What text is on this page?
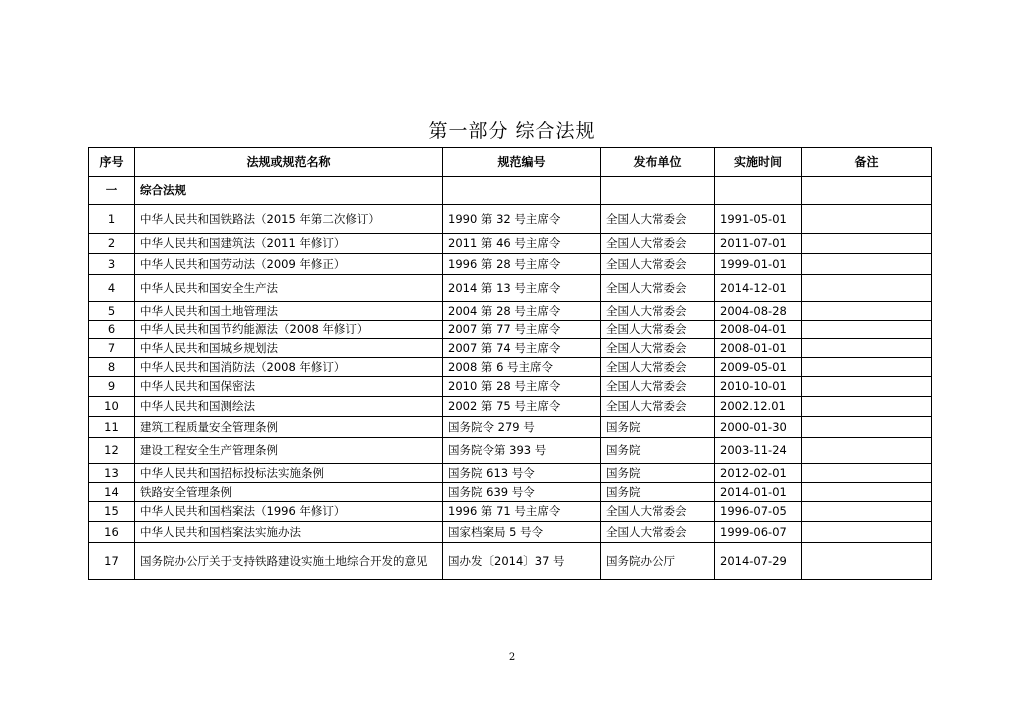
第一部分 综合法规
序号	法规或规范名称	规范编号	发布单位	实施时间	备注
一	综合法规				
1	中华人民共和国铁路法（2015 年第二次修订）	1990 第 32 号主席令	全国人大常委会	1991-05-01	
2	中华人民共和国建筑法（2011 年修订）	2011 第 46 号主席令	全国人大常委会	2011-07-01	
3	中华人民共和国劳动法（2009 年修正）	1996 第 28 号主席令	全国人大常委会	1999-01-01	
4	中华人民共和国安全生产法	2014 第 13 号主席令	全国人大常委会	2014-12-01	
5	中华人民共和国土地管理法	2004 第 28 号主席令	全国人大常委会	2004-08-28	
6	中华人民共和国节约能源法（2008 年修订）	2007 第 77 号主席令	全国人大常委会	2008-04-01	
7	中华人民共和国城乡规划法	2007 第 74 号主席令	全国人大常委会	2008-01-01	
8	中华人民共和国消防法（2008 年修订）	2008 第 6 号主席令	全国人大常委会	2009-05-01	
9	中华人民共和国保密法	2010 第 28 号主席令	全国人大常委会	2010-10-01	
10	中华人民共和国测绘法	2002 第 75 号主席令	全国人大常委会	2002.12.01	
11	建筑工程质量安全管理条例	国务院令 279 号	国务院	2000-01-30	
12	建设工程安全生产管理条例	国务院令第 393 号	国务院	2003-11-24	
13	中华人民共和国招标投标法实施条例	国务院 613 号令	国务院	2012-02-01	
14	铁路安全管理条例	国务院 639 号令	国务院	2014-01-01	
15	中华人民共和国档案法（1996 年修订）	1996 第 71 号主席令	全国人大常委会	1996-07-05	
16	中华人民共和国档案法实施办法	国家档案局 5 号令	全国人大常委会	1999-06-07	
17	国务院办公厅关于支持铁路建设实施土地综合开发的意见	国办发〔2014〕37 号	国务院办公厅	2014-07-29	
2
